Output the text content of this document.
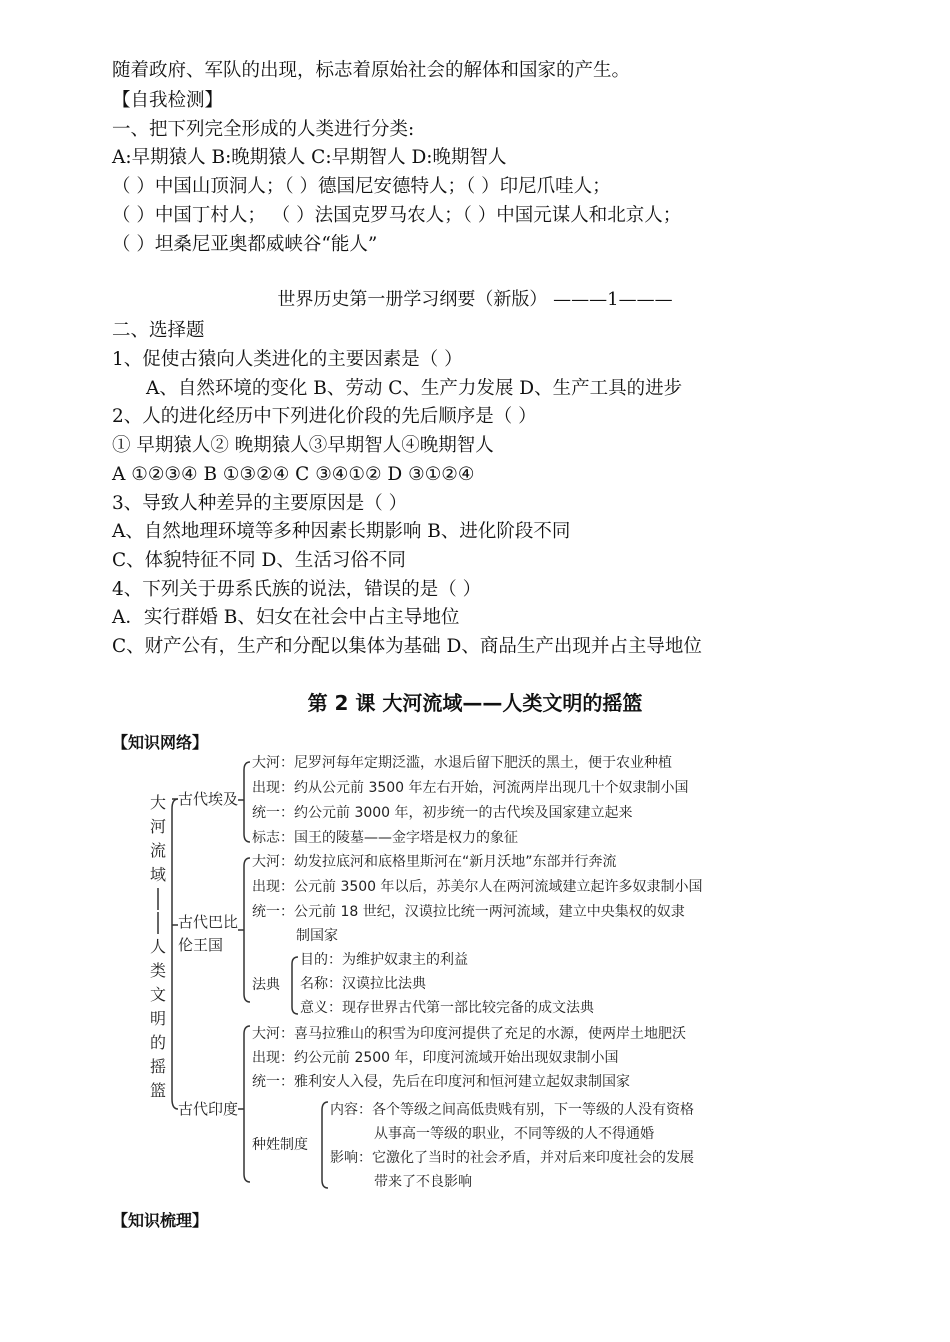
随着政府、军队的出现，标志着原始社会的解体和国家的产生。
【自我检测】
一、把下列完全形成的人类进行分类:
A:早期猿人 B:晚期猿人 C:早期智人 D:晚期智人
（ ）中国山顶洞人；（ ）德国尼安德特人；（ ）印尼爪哇人；
（ ）中国丁村人； （ ）法国克罗马农人；（ ）中国元谋人和北京人；
（ ）坦桑尼亚奥都威峡谷“能人”
世界历史第一册学习纲要（新版） ———1———
二、选择题
1、促使古猿向人类进化的主要因素是（ ）
A、自然环境的变化 B、劳动 C、生产力发展 D、生产工具的进步
2、人的进化经历中下列进化价段的先后顺序是（ ）
① 早期猿人② 晚期猿人③早期智人④晚期智人
A ①②③④ B ①③②④ C ③④①② D ③①②④
3、导致人种差异的主要原因是（ ）
A、自然地理环境等多种因素长期影响 B、进化阶段不同
C、体貌特征不同 D、生活习俗不同
4、下列关于毋系氏族的说法，错误的是（ ）
A．实行群婚 B、妇女在社会中占主导地位
C、财产公有，生产和分配以集体为基础 D、商品生产出现并占主导地位
第 2 课 大河流域——人类文明的摇篮
【知识网络】
大
河
流
域
人
类
文
明
的
摇
篮
古代埃及
大河：尼罗河每年定期泛滥，水退后留下肥沃的黑土，便于农业种植
出现：约从公元前 3500 年左右开始，河流两岸出现几十个奴隶制小国
统一：约公元前 3000 年，初步统一的古代埃及国家建立起来
标志：国王的陵墓——金字塔是权力的象征
古代巴比
伦王国
大河：幼发拉底河和底格里斯河在“新月沃地”东部并行奔流
出现：公元前 3500 年以后，苏美尔人在两河流域建立起许多奴隶制小国
统一：公元前 18 世纪，汉谟拉比统一两河流域，建立中央集权的奴隶
制国家
法典
目的：为维护奴隶主的利益
名称：汉谟拉比法典
意义：现存世界古代第一部比较完备的成文法典
古代印度
大河：喜马拉雅山的积雪为印度河提供了充足的水源，使两岸土地肥沃
出现：约公元前 2500 年，印度河流域开始出现奴隶制小国
统一：雅利安人入侵，先后在印度河和恒河建立起奴隶制国家
种姓制度
内容：各个等级之间高低贵贱有别，下一等级的人没有资格
从事高一等级的职业，不同等级的人不得通婚
影响：它激化了当时的社会矛盾，并对后来印度社会的发展
带来了不良影响
【知识梳理】
